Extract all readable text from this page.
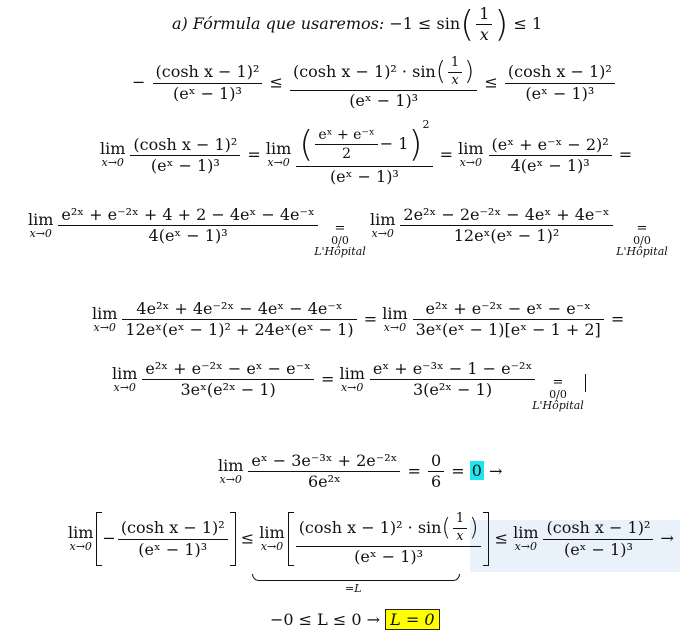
a) Fórmula que usaremos: $-1 \le \sin( \frac{1}{x}$ ) ≤ 1
− $\frac{\text{(cosh x − 1)²}}{\text{(eˣ − 1)³}} \le \frac{(\cosh x - 1)^2 \cdot \sin( \frac{1}{x} )}{\text{(eˣ − 1)³}} \le \frac{\text{(cosh x − 1)²}}{\text{(eˣ − 1)³}}$
lim
$x\to 0 \frac{\text{(cosh x − 1)²}}{\text{(eˣ − 1)³}} = \lim$
$x\to 0 \frac{( \frac{\text{eˣ + e⁻ˣ}}{2} - 1)^2}{\text{(eˣ − 1)³}} = \lim$
$x\to 0 \frac{\text{(eˣ + e⁻ˣ − 2)²}}{\text{4(eˣ − 1)³}}$ =
lim
$x\to 0 \frac{\text{e²ˣ + e⁻²ˣ + 4 + 2 − 4eˣ − 4e⁻ˣ}}{\text{4(eˣ − 1)³}}$	=
0/0
L'Hôpital
lim
$x\to 0 \frac{\text{2e²ˣ − 2e⁻²ˣ − 4eˣ + 4e⁻ˣ}}{\text{12eˣ(eˣ − 1)²}}$	=
0/0
L'Hôpital
lim
$x\to 0 \frac{\text{4e²ˣ + 4e⁻²ˣ − 4eˣ − 4e⁻ˣ}}{\text{12eˣ(eˣ − 1)² + 24eˣ(eˣ − 1)}} = \lim$
$x\to 0 \frac{\text{e²ˣ + e⁻²ˣ − eˣ − e⁻ˣ}}{\text{3eˣ(eˣ − 1)[eˣ − 1 + 2]}}$ =
lim
$x\to 0 \frac{\text{e²ˣ + e⁻²ˣ − eˣ − e⁻ˣ}}{\text{3eˣ(e²ˣ − 1)}} = \lim$
$x\to 0 \frac{\text{eˣ + e⁻³ˣ − 1 − e⁻²ˣ}}{\text{3(e²ˣ − 1)}}$	=
0/0
L'Hôpital
lim
$x\to 0 \frac{\text{eˣ − 3e⁻³ˣ + 2e⁻²ˣ}}{\text{6e²ˣ}} = \frac{0}{6} = 0$ →
lim
$x\to 0 - \frac{\text{(cosh x − 1)²}}{\text{(eˣ − 1)³}} \le \lim$
$x\to 0 \frac{(\cosh x - 1)^2 \cdot \sin( \frac{1}{x} )}{\text{(eˣ − 1)³}} \le \lim$
$x\to 0 \frac{\text{(cosh x − 1)²}}{\text{(eˣ − 1)³}}$ →
=L
−0 ≤ L ≤ 0 → L = 0
